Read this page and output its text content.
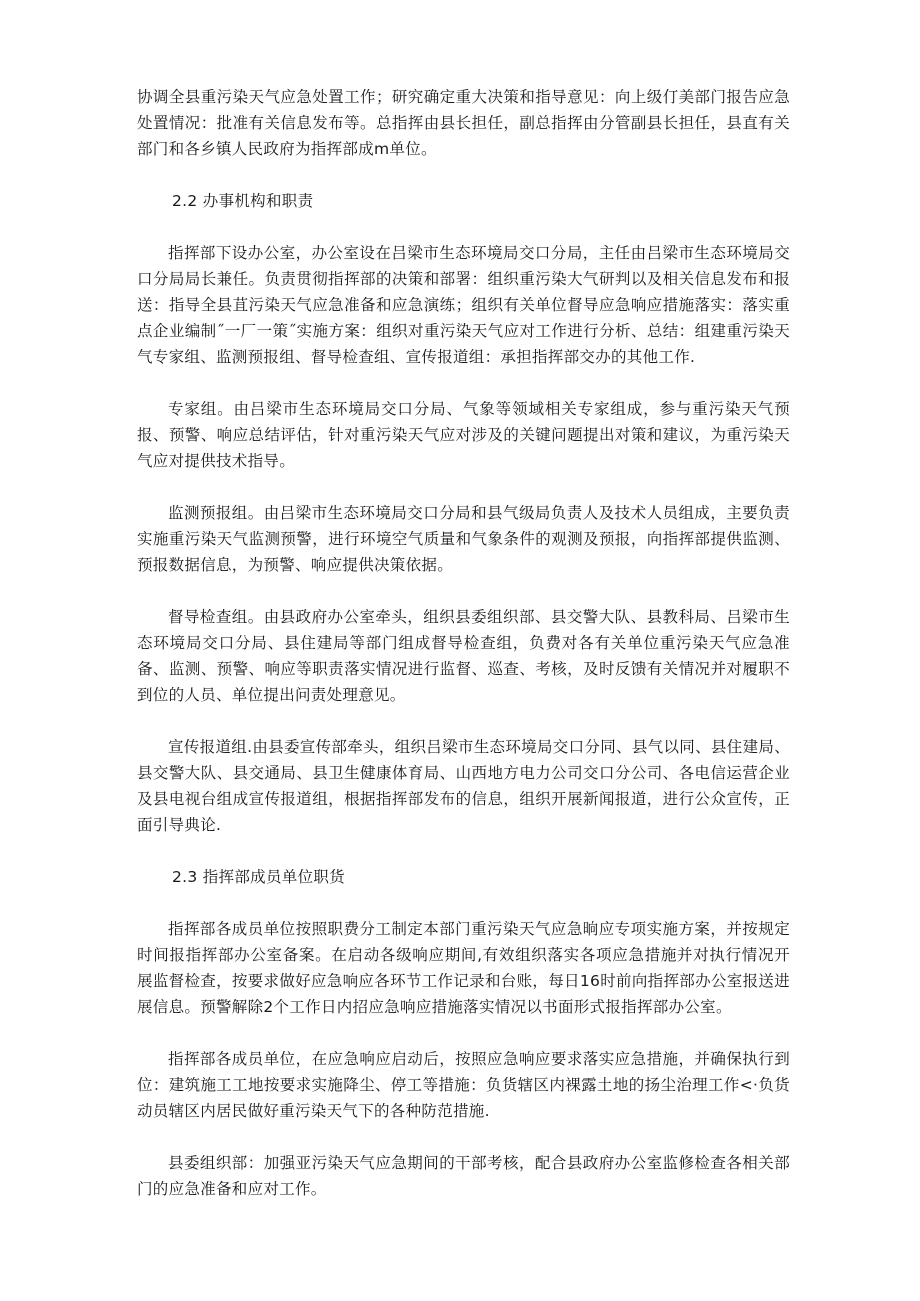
协调全县重污染天气应急处置工作；研究确定重大决策和指导意见：向上级仃美部门报告应急处置情况：批准有关信息发布等。总指挥由县长担任，副总指挥由分管副县长担任，县直有关部门和各乡镇人民政府为指挥部成m单位。

2.2 办事机构和职责

指挥部下设办公室，办公室设在吕梁市生态环境局交口分局，主任由吕梁市生态环境局交口分局局长兼任。负责贯彻指挥部的决策和部署：组织重污染大气研判以及相关信息发布和报送：指导全县苴污染天气应急准备和应急演练；组织有关单位督导应急响应措施落实：落实重点企业编制˝一厂一策˝实施方案：组织对重污染天气应对工作进行分析、总结：组建重污染天气专家组、监测预报组、督导检查组、宣传报道组：承担指挥部交办的其他工作.

专家组。由吕梁市生态环境局交口分局、气象等领域相关专家组成，参与重污染天气预报、预警、响应总结评估，针对重污染天气应对涉及的关键问题提出对策和建议，为重污染天气应对提供技术指导。

监测预报组。由吕梁市生态环境局交口分局和县气级局负责人及技术人员组成，主要负责实施重污染天气监测预警，进行环境空气质量和气象条件的观测及预报，向指挥部提供监测、预报数据信息，为预警、响应提供决策依据。

督导检查组。由县政府办公室牵头，组织县委组织部、县交警大队、县教科局、吕梁市生态环境局交口分局、县住建局等部门组成督导检查组，负费对各有关单位重污染天气应急准备、监测、预警、响应等职责落实情况进行监督、巡查、考核，及时反馈有关情况并对履职不到位的人员、单位提出问责处理意见。

宣传报道组.由县委宣传部牵头，组织吕梁市生态环境局交口分同、县气以同、县住建局、县交警大队、县交通局、县卫生健康体育局、山西地方电力公司交口分公司、各电信运营企业及县电视台组成宣传报道组，根据指挥部发布的信息，组织开展新闻报道，进行公众宣传，正面引导典论.

2.3 指挥部成员单位职货

指挥部各成员单位按照职费分工制定本部门重污染天气应急晌应专项实施方案，并按规定时间报指挥部办公室备案。在启动各级响应期间,有效组织落实各项应急措施并对执行情况开展监督检查，按要求做好应急响应各环节工作记录和台账，每日16时前向指挥部办公室报送进展信息。预警解除2个工作日内招应急响应措施落实情况以书面形式报指挥部办公室。

指挥部各成员单位，在应急响应启动后，按照应急响应要求落实应急措施，并确保执行到位：建筑施工工地按要求实施降尘、停工等措施：负货辖区内裸露土地的扬尘治理工作<·负货动员辖区内居民做好重污染天气下的各种防范措施.

县委组织部：加强亚污染天气应急期间的干部考核，配合县政府办公室监修检查各相关部门的应急准备和应对工作。
